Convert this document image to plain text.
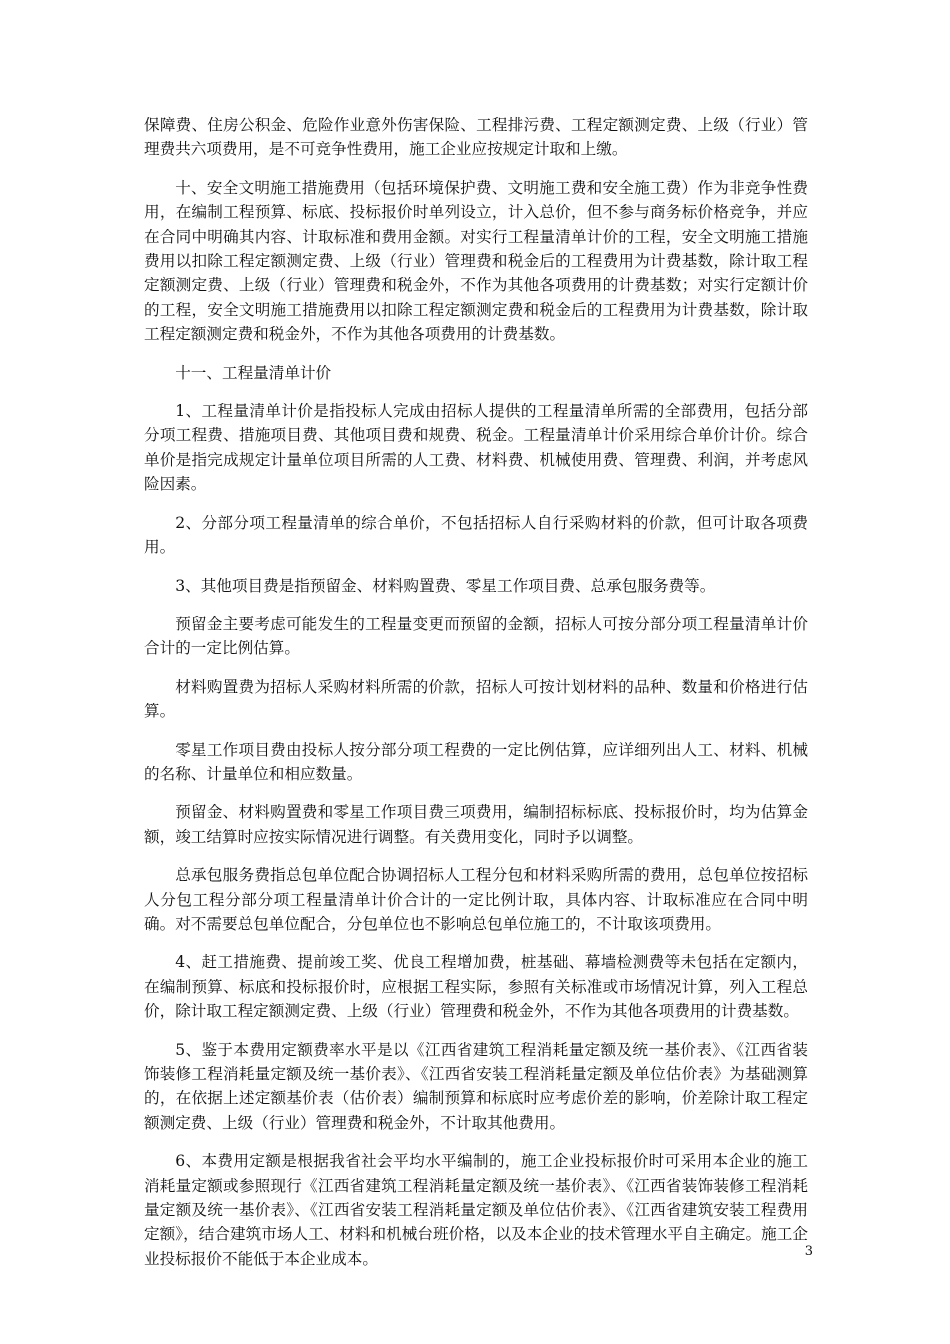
保障费、住房公积金、危险作业意外伤害保险、工程排污费、工程定额测定费、上级（行业）管理费共六项费用，是不可竞争性费用，施工企业应按规定计取和上缴。

十、安全文明施工措施费用（包括环境保护费、文明施工费和安全施工费）作为非竞争性费用，在编制工程预算、标底、投标报价时单列设立，计入总价，但不参与商务标价格竞争，并应在合同中明确其内容、计取标准和费用金额。对实行工程量清单计价的工程，安全文明施工措施费用以扣除工程定额测定费、上级（行业）管理费和税金后的工程费用为计费基数，除计取工程定额测定费、上级（行业）管理费和税金外，不作为其他各项费用的计费基数；对实行定额计价的工程，安全文明施工措施费用以扣除工程定额测定费和税金后的工程费用为计费基数，除计取工程定额测定费和税金外，不作为其他各项费用的计费基数。

十一、工程量清单计价

1、工程量清单计价是指投标人完成由招标人提供的工程量清单所需的全部费用，包括分部分项工程费、措施项目费、其他项目费和规费、税金。工程量清单计价采用综合单价计价。综合单价是指完成规定计量单位项目所需的人工费、材料费、机械使用费、管理费、利润，并考虑风险因素。

2、分部分项工程量清单的综合单价，不包括招标人自行采购材料的价款，但可计取各项费用。

3、其他项目费是指预留金、材料购置费、零星工作项目费、总承包服务费等。

预留金主要考虑可能发生的工程量变更而预留的金额，招标人可按分部分项工程量清单计价合计的一定比例估算。

材料购置费为招标人采购材料所需的价款，招标人可按计划材料的品种、数量和价格进行估算。

零星工作项目费由投标人按分部分项工程费的一定比例估算，应详细列出人工、材料、机械的名称、计量单位和相应数量。

预留金、材料购置费和零星工作项目费三项费用，编制招标标底、投标报价时，均为估算金额，竣工结算时应按实际情况进行调整。有关费用变化，同时予以调整。

总承包服务费指总包单位配合协调招标人工程分包和材料采购所需的费用，总包单位按招标人分包工程分部分项工程量清单计价合计的一定比例计取，具体内容、计取标准应在合同中明确。对不需要总包单位配合，分包单位也不影响总包单位施工的，不计取该项费用。

4、赶工措施费、提前竣工奖、优良工程增加费，桩基础、幕墙检测费等未包括在定额内，在编制预算、标底和投标报价时，应根据工程实际，参照有关标准或市场情况计算，列入工程总价，除计取工程定额测定费、上级（行业）管理费和税金外，不作为其他各项费用的计费基数。

5、鉴于本费用定额费率水平是以《江西省建筑工程消耗量定额及统一基价表》、《江西省装饰装修工程消耗量定额及统一基价表》、《江西省安装工程消耗量定额及单位估价表》为基础测算的，在依据上述定额基价表（估价表）编制预算和标底时应考虑价差的影响，价差除计取工程定额测定费、上级（行业）管理费和税金外，不计取其他费用。

6、本费用定额是根据我省社会平均水平编制的，施工企业投标报价时可采用本企业的施工消耗量定额或参照现行《江西省建筑工程消耗量定额及统一基价表》、《江西省装饰装修工程消耗量定额及统一基价表》、《江西省安装工程消耗量定额及单位估价表》、《江西省建筑安装工程费用定额》，结合建筑市场人工、材料和机械台班价格，以及本企业的技术管理水平自主确定。施工企业投标报价不能低于本企业成本。	3
